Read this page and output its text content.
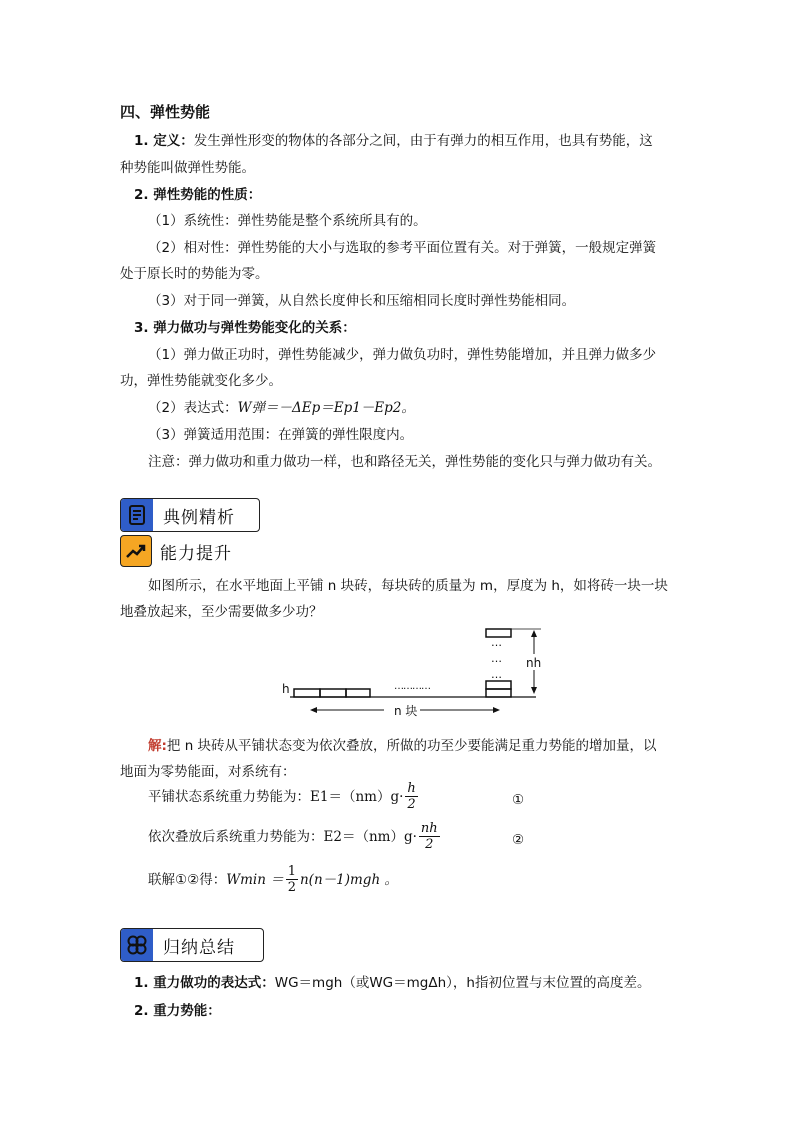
四、弹性势能
1. 定义：发生弹性形变的物体的各部分之间，由于有弹力的相互作用，也具有势能，这
种势能叫做弹性势能。
2. 弹性势能的性质：
（1）系统性：弹性势能是整个系统所具有的。
（2）相对性：弹性势能的大小与选取的参考平面位置有关。对于弹簧，一般规定弹簧
处于原长时的势能为零。
（3）对于同一弹簧，从自然长度伸长和压缩相同长度时弹性势能相同。
3. 弹力做功与弹性势能变化的关系：
（1）弹力做正功时，弹性势能减少，弹力做负功时，弹性势能增加，并且弹力做多少
功，弹性势能就变化多少。
（2）表达式：W弹＝－ΔEp＝Ep1－Ep2。
（3）弹簧适用范围：在弹簧的弹性限度内。
注意：弹力做功和重力做功一样，也和路径无关，弹性势能的变化只与弹力做功有关。
典例精析
能力提升
如图所示，在水平地面上平铺 n 块砖，每块砖的质量为 m，厚度为 h，如将砖一块一块
地叠放起来，至少需要做多少功？
h
n 块
nh
…………
…
…
…
解:把 n 块砖从平铺状态变为依次叠放，所做的功至少要能满足重力势能的增加量，以
地面为零势能面，对系统有：
平铺状态系统重力势能为： $E1=(nm)g\cdot \frac{h}{2}$	①
依次叠放后系统重力势能为： $E2=(nm)g\cdot \frac{nh}{2}$	②
联解①②得： $Wmin = \frac{1}{2} n(n-1)mgh$ 。
归纳总结
1. 重力做功的表达式：WG＝mgh（或WG＝mgΔh），h指初位置与末位置的高度差。
2. 重力势能：
